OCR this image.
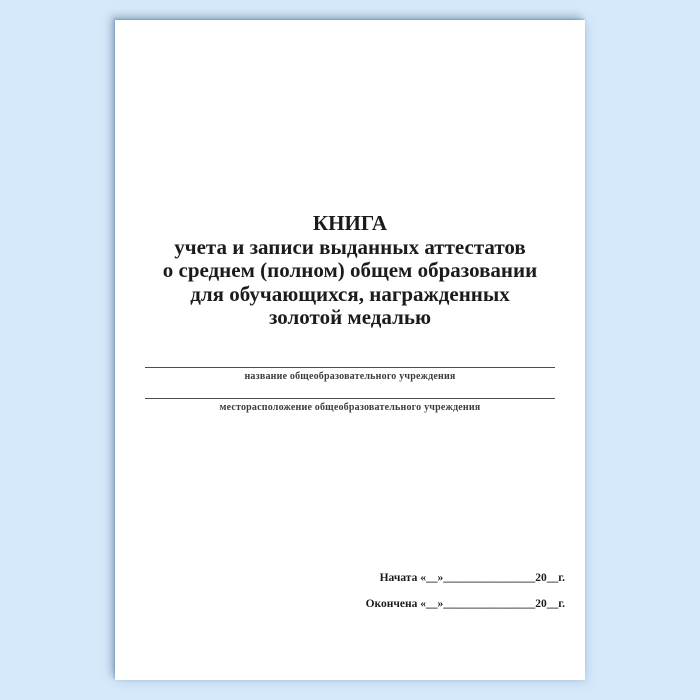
КНИГА
учета и записи выданных аттестатов
о среднем (полном) общем образовании
для обучающихся, награжденных
золотой медалью
название общеобразовательного учреждения
месторасположение общеобразовательного учреждения
Начата «__»________________20__г.
Окончена «__»________________20__г.
